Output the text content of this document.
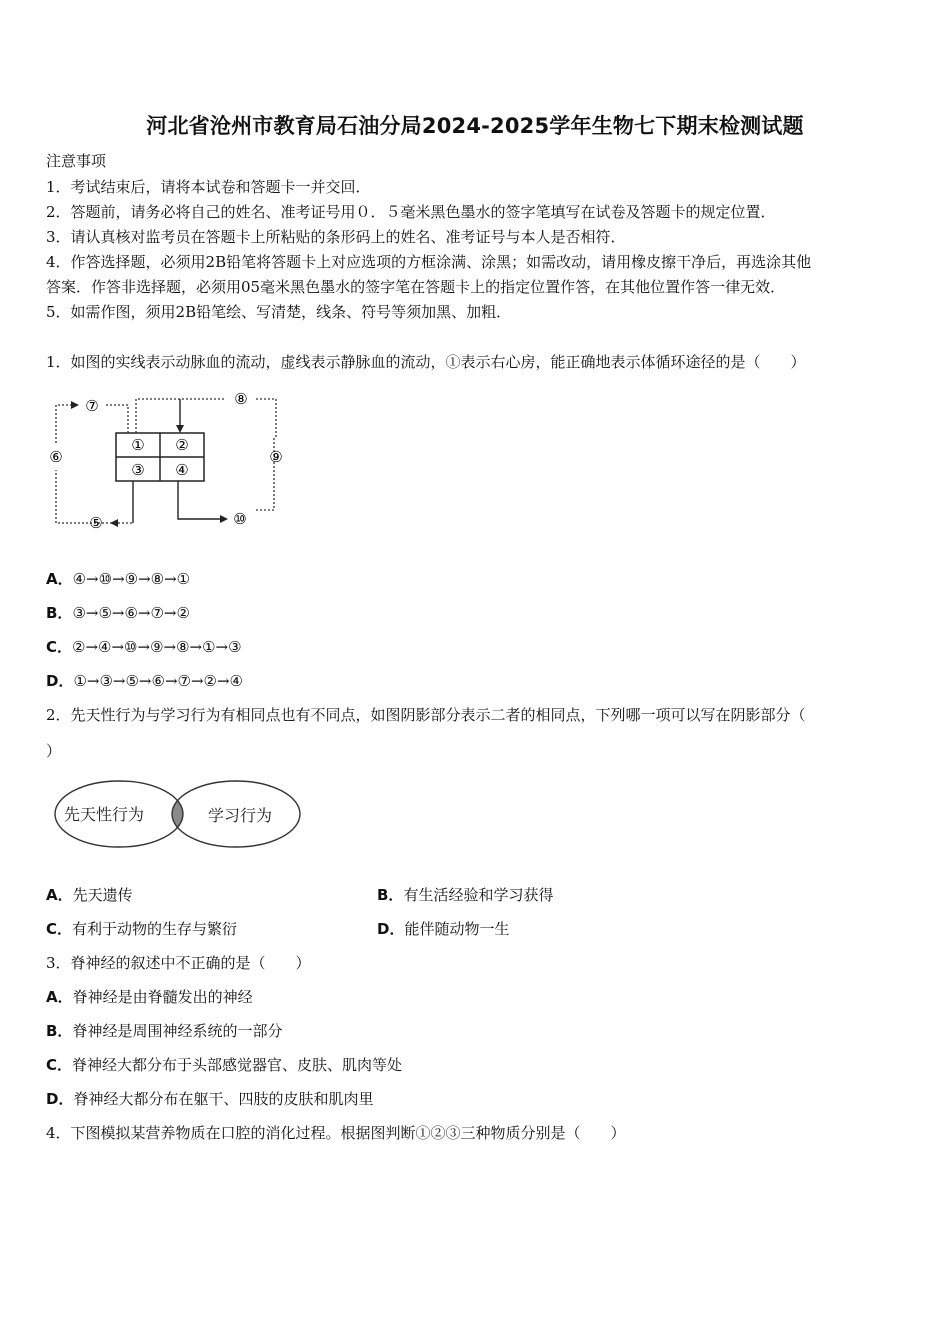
河北省沧州市教育局石油分局2024-2025学年生物七下期末检测试题
注意事项
1．考试结束后，请将本试卷和答题卡一并交回．
2．答题前，请务必将自己的姓名、准考证号用０．５毫米黑色墨水的签字笔填写在试卷及答题卡的规定位置．
3．请认真核对监考员在答题卡上所粘贴的条形码上的姓名、准考证号与本人是否相符．
4．作答选择题，必须用2B铅笔将答题卡上对应选项的方框涂满、涂黑；如需改动，请用橡皮擦干净后，再选涂其他
答案．作答非选择题，必须用05毫米黑色墨水的签字笔在答题卡上的指定位置作答，在其他位置作答一律无效．
5．如需作图，须用2B铅笔绘、写清楚，线条、符号等须加黑、加粗．
1．如图的实线表示动脉血的流动，虚线表示静脉血的流动，①表示右心房，能正确地表示体循环途径的是（　　）
① ②
③ ④
⑤
⑥
⑦	⑧
⑨
⑩
A．④→⑩→⑨→⑧→①
B．③→⑤→⑥→⑦→②
C．②→④→⑩→⑨→⑧→①→③
D．①→③→⑤→⑥→⑦→②→④
2．先天性行为与学习行为有相同点也有不同点，如图阴影部分表示二者的相同点，下列哪一项可以写在阴影部分（
）
先天性行为	学习行为
A．先天遗传	B．有生活经验和学习获得
C．有利于动物的生存与繁衍	D．能伴随动物一生
3．脊神经的叙述中不正确的是（　　）
A．脊神经是由脊髓发出的神经
B．脊神经是周围神经系统的一部分
C．脊神经大都分布于头部感觉器官、皮肤、肌肉等处
D．脊神经大都分布在躯干、四肢的皮肤和肌肉里
4．下图模拟某营养物质在口腔的消化过程。根据图判断①②③三种物质分别是（　　）
